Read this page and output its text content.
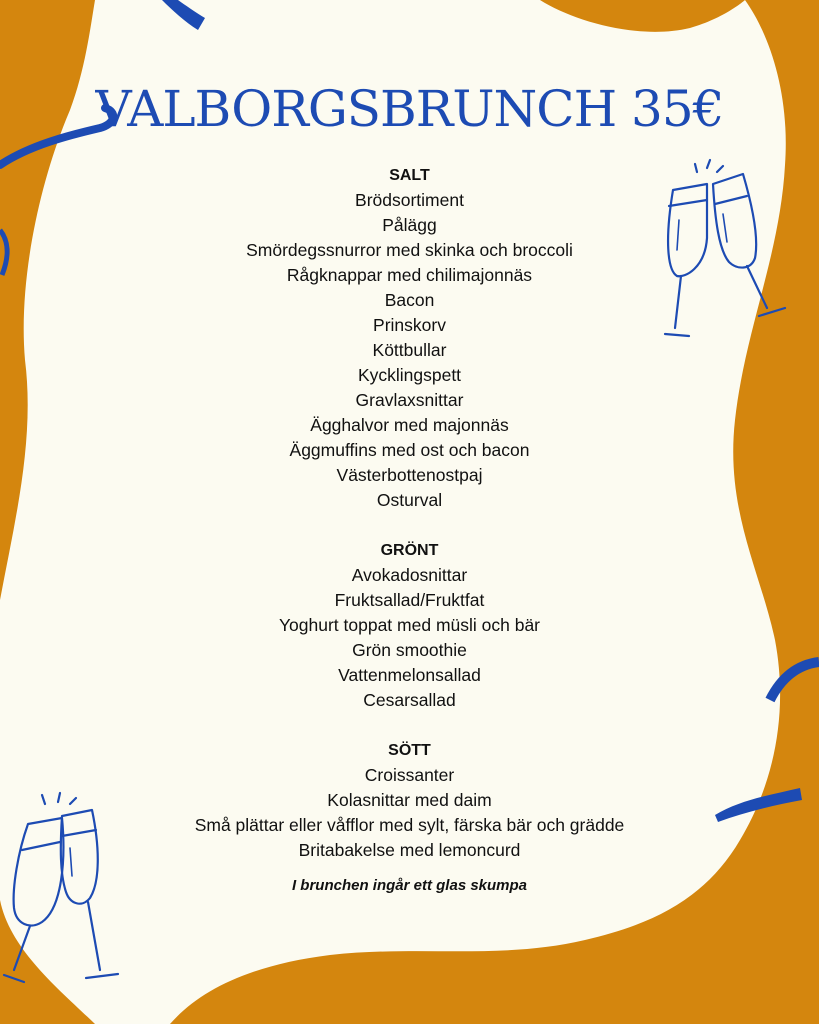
VALBORGSBRUNCH 35€
SALT
Brödsortiment
Pålägg
Smördegssnurror med skinka och broccoli
Rågknappar med chilimajonnäs
Bacon
Prinskorv
Köttbullar
Kycklingspett
Gravlaxsnittar
Ägghalvor med majonnäs
Äggmuffins med ost och bacon
Västerbottenostpaj
Osturval
GRÖNT
Avokadosnittar
Fruktsallad/Fruktfat
Yoghurt toppat med müsli och bär
Grön smoothie
Vattenmelonsallad
Cesarsallad
SÖTT
Croissanter
Kolasnittar med daim
Små plättar eller våfflor med sylt, färska bär och grädde
Britabakelse med lemoncurd
I brunchen ingår ett glas skumpa
